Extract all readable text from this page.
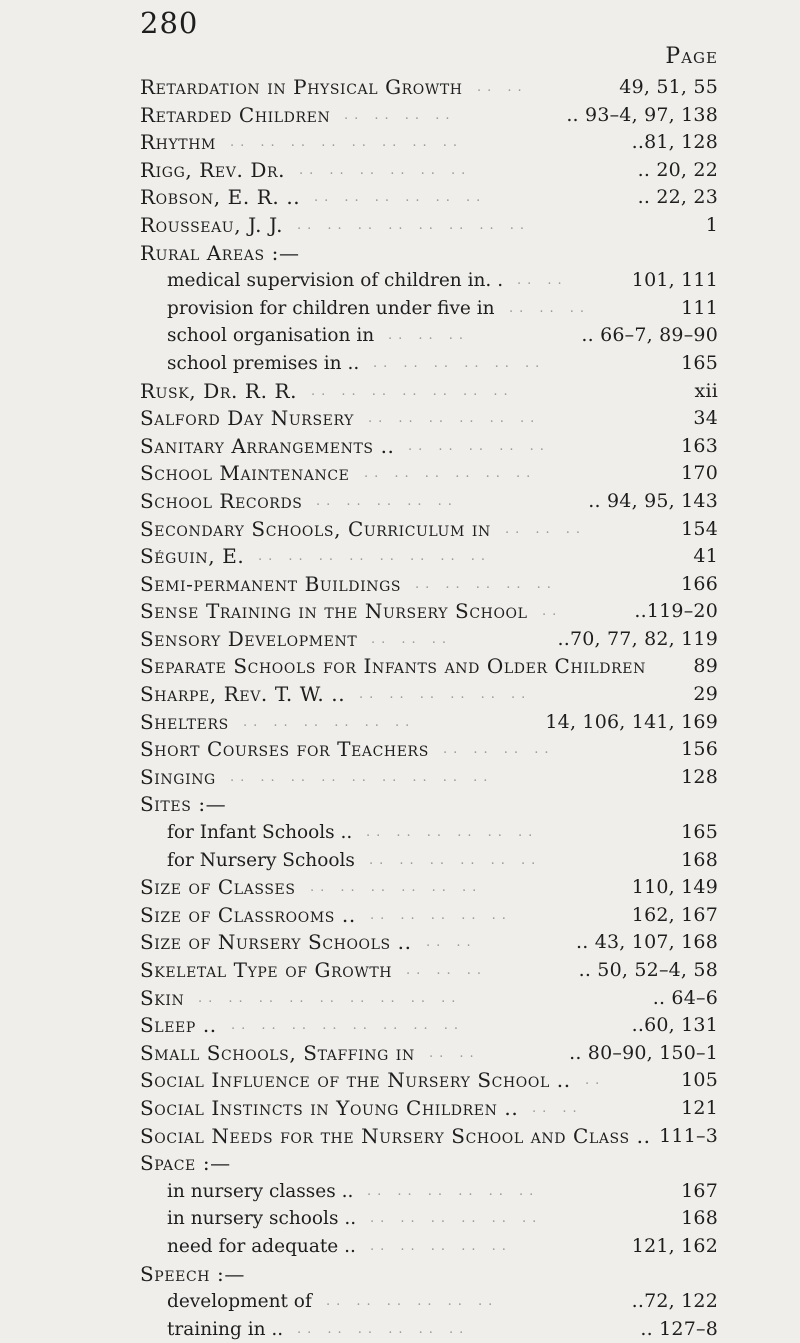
280
Page
Retardation in Physical Growth .. ..	49, 51, 55
Retarded Children .. .. .. ..	.. 93–4, 97, 138
Rhythm .. .. .. .. .. .. .. ..	..81, 128
Rigg, Rev. Dr. .. .. .. .. .. ..	.. 20, 22
Robson, E. R. .. .. .. .. .. .. ..	.. 22, 23
Rousseau, J. J. .. .. .. .. .. .. .. ..	1
Rural Areas :—
medical supervision of children in. . .. ..	101, 111
provision for children under five in .. .. ..	111
school organisation in .. .. ..	.. 66–7, 89–90
school premises in .. .. .. .. .. .. ..	165
Rusk, Dr. R. R. .. .. .. .. .. .. ..	xii
Salford Day Nursery .. .. .. .. .. ..	34
Sanitary Arrangements .. .. .. .. .. ..	163
School Maintenance .. .. .. .. .. ..	170
School Records .. .. .. .. ..	.. 94, 95, 143
Secondary Schools, Curriculum in .. .. ..	154
Séguin, E. .. .. .. .. .. .. .. ..	41
Semi-permanent Buildings .. .. .. .. ..	166
Sense Training in the Nursery School ..	..119–20
Sensory Development .. .. ..	..70, 77, 82, 119
Separate Schools for Infants and Older Children 89
Sharpe, Rev. T. W. .. .. .. .. .. .. ..	29
Shelters .. .. .. .. .. ..	14, 106, 141, 169
Short Courses for Teachers .. .. .. ..	156
Singing .. .. .. .. .. .. .. .. ..	128
Sites :—
for Infant Schools .. .. .. .. .. .. ..	165
for Nursery Schools .. .. .. .. .. ..	168
Size of Classes .. .. .. .. .. ..	110, 149
Size of Classrooms .. .. .. .. .. ..	162, 167
Size of Nursery Schools .. .. ..	.. 43, 107, 168
Skeletal Type of Growth .. .. ..	.. 50, 52–4, 58
Skin .. .. .. .. .. .. .. .. ..	.. 64–6
Sleep .. .. .. .. .. .. .. .. ..	..60, 131
Small Schools, Staffing in .. ..	.. 80–90, 150–1
Social Influence of the Nursery School .. ..	105
Social Instincts in Young Children .. .. ..	121
Social Needs for the Nursery School and Class .. 111–3
Space :—
in nursery classes .. .. .. .. .. .. ..	167
in nursery schools .. .. .. .. .. .. ..	168
need for adequate .. .. .. .. .. ..	121, 162
Speech :—
development of .. .. .. .. .. ..	..72, 122
training in .. .. .. .. .. .. ..	.. 127–8
